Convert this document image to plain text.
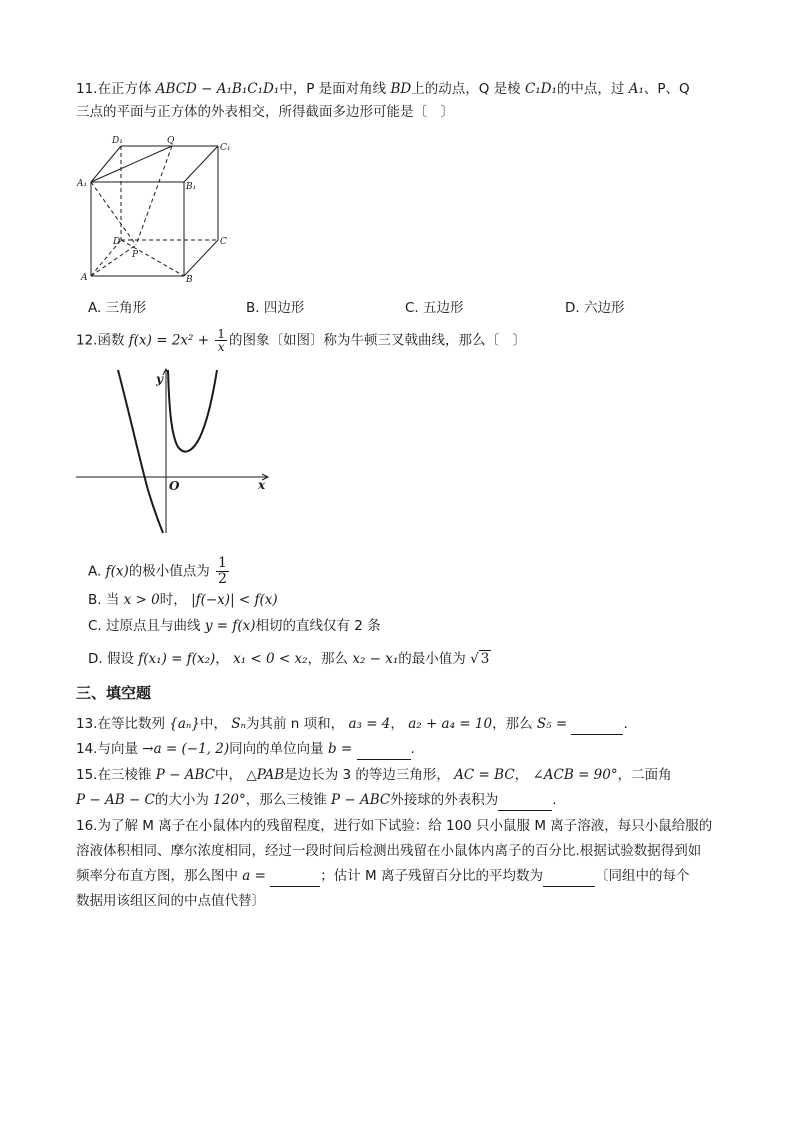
11.在正方体 ABCD − A₁B₁C₁D₁中，P 是面对角线 BD上的动点，Q 是棱 C₁D₁的中点，过 A₁、P、Q
三点的平面与正方体的外表相交，所得截面多边形可能是〔　〕
D₁	Q
C₁
A₁	B₁
D	C
P
A	B
A. 三角形	B. 四边形	C. 五边形	D. 六边形
12.函数 $f(x) = 2x^2 + \frac{1}{x}$ 的图象〔如图〕称为牛顿三叉戟曲线，那么〔　〕
y
x
O
A. f(x)的极小值点为 $\frac{1}{2}$
B. 当 x > 0时， |f(−x)| < f(x)
C. 过原点且与曲线 y = f(x)相切的直线仅有 2 条
D. 假设 f(x₁) = f(x₂)， x₁ < 0 < x₂，那么 x₂ − x₁的最小值为 √ 3
三、填空题
13.在等比数列 {aₙ}中， Sₙ为其前 n 项和， a₃ = 4， a₂ + a₄ = 10，那么 S₅ =	.
14.与向量 →a = (−1, 2)同向的单位向量 b =	.
15.在三棱锥 P − ABC中， △PAB是边长为 3 的等边三角形， AC = BC， ∠ACB = 90°，二面角
P − AB − C的大小为 120°，那么三棱锥 P − ABC外接球的外表积为	.
16.为了解 M 离子在小鼠体内的残留程度，进行如下试验：给 100 只小鼠服 M 离子溶液，每只小鼠给服的
溶液体积相同、摩尔浓度相同，经过一段时间后检测出残留在小鼠体内离子的百分比.根据试验数据得到如
频率分布直方图，那么图中 a =	；估计 M 离子残留百分比的平均数为	〔同组中的每个
数据用该组区间的中点值代替〕
